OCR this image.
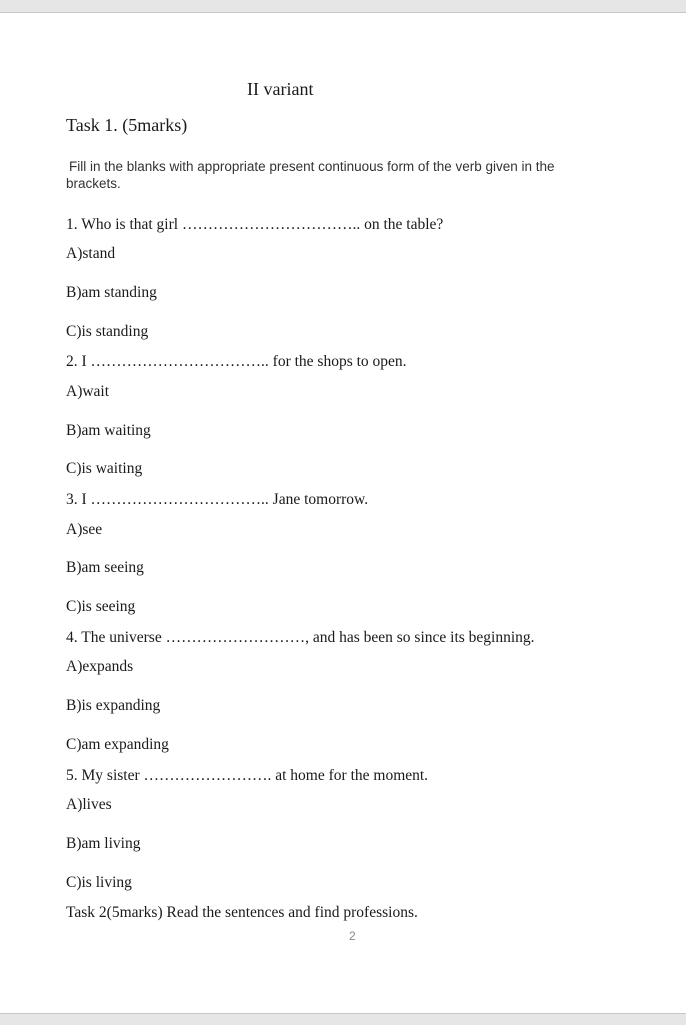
II variant
Task 1. (5marks)
Fill in the blanks with appropriate present continuous form of the verb given in the brackets.
1. Who is that girl …………………………….. on the table?
A)stand
B)am standing
C)is standing
2. I …………………………….. for the shops to open.
A)wait
B)am waiting
C)is waiting
3. I …………………………….. Jane tomorrow.
A)see
B)am seeing
C)is seeing
4. The universe ………………………, and has been so since its beginning.
A)expands
B)is expanding
C)am expanding
5. My sister ……………………. at home for the moment.
A)lives
B)am living
C)is living
Task 2(5marks) Read the sentences and find professions.
2
